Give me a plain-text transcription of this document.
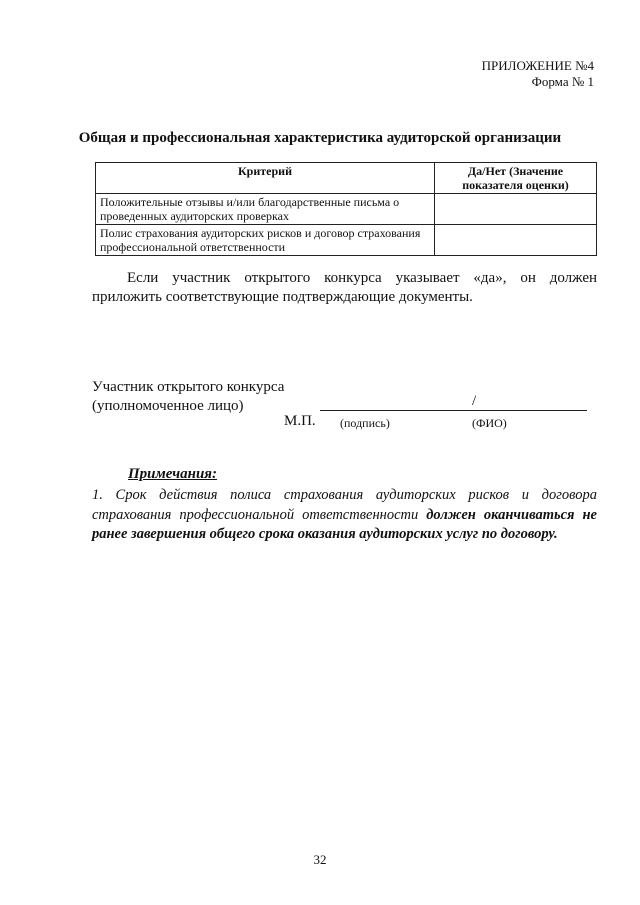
ПРИЛОЖЕНИЕ №4
Форма № 1
Общая и профессиональная характеристика аудиторской организации
Критерий	Да/Нет (Значение показателя оценки)
Положительные отзывы и/или благодарственные письма о проведенных аудиторских проверках	
Полис страхования аудиторских рисков и договор страхования профессиональной ответственности	
Если участник открытого конкурса указывает «да», он должен приложить соответствующие подтверждающие документы.
Участник открытого конкурса
(уполномоченное лицо)	/
М.П. (подпись)	(ФИО)
Примечания:
1. Срок действия полиса страхования аудиторских рисков и договора страхования профессиональной ответственности должен оканчиваться не ранее завершения общего срока оказания аудиторских услуг по договору.
32
